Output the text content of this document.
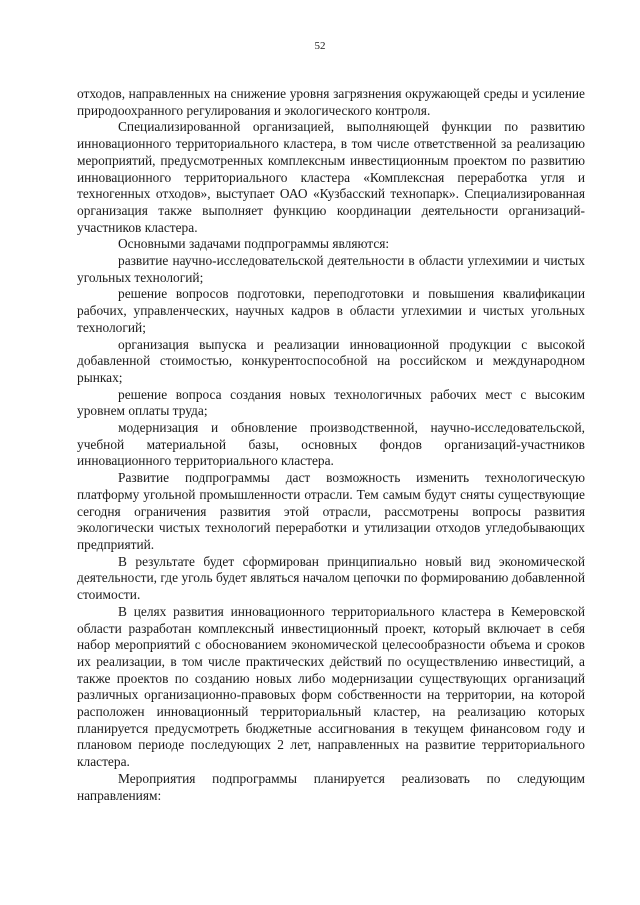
52

отходов, направленных на снижение уровня загрязнения окружающей среды и усиление природоохранного регулирования и экологического контроля.

Специализированной организацией, выполняющей функции по развитию инновационного территориального кластера, в том числе ответственной за реализацию мероприятий, предусмотренных комплексным инвестиционным проектом по развитию инновационного территориального кластера «Комплексная переработка угля и техногенных отходов», выступает ОАО «Кузбасский технопарк». Специализированная организация также выполняет функцию координации деятельности организаций-участников кластера.

Основными задачами подпрограммы являются:

развитие научно-исследовательской деятельности в области углехимии и чистых угольных технологий;

решение вопросов подготовки, переподготовки и повышения квалификации рабочих, управленческих, научных кадров в области углехимии и чистых угольных технологий;

организация выпуска и реализации инновационной продукции с высокой добавленной стоимостью, конкурентоспособной на российском и международном рынках;

решение вопроса создания новых технологичных рабочих мест с высоким уровнем оплаты труда;

модернизация и обновление производственной, научно-исследовательской, учебной материальной базы, основных фондов организаций-участников инновационного территориального кластера.

Развитие подпрограммы даст возможность изменить технологическую платформу угольной промышленности отрасли. Тем самым будут сняты существующие сегодня ограничения развития этой отрасли, рассмотрены вопросы развития экологически чистых технологий переработки и утилизации отходов угледобывающих предприятий.

В результате будет сформирован принципиально новый вид экономической деятельности, где уголь будет являться началом цепочки по формированию добавленной стоимости.

В целях развития инновационного территориального кластера в Кемеровской области разработан комплексный инвестиционный проект, который включает в себя набор мероприятий с обоснованием экономической целесообразности объема и сроков их реализации, в том числе практических действий по осуществлению инвестиций, а также проектов по созданию новых либо модернизации существующих организаций различных организационно-правовых форм собственности на территории, на которой расположен инновационный территориальный кластер, на реализацию которых планируется предусмотреть бюджетные ассигнования в текущем финансовом году и плановом периоде последующих 2 лет, направленных на развитие территориального кластера.

Мероприятия подпрограммы планируется реализовать по следующим направлениям:
